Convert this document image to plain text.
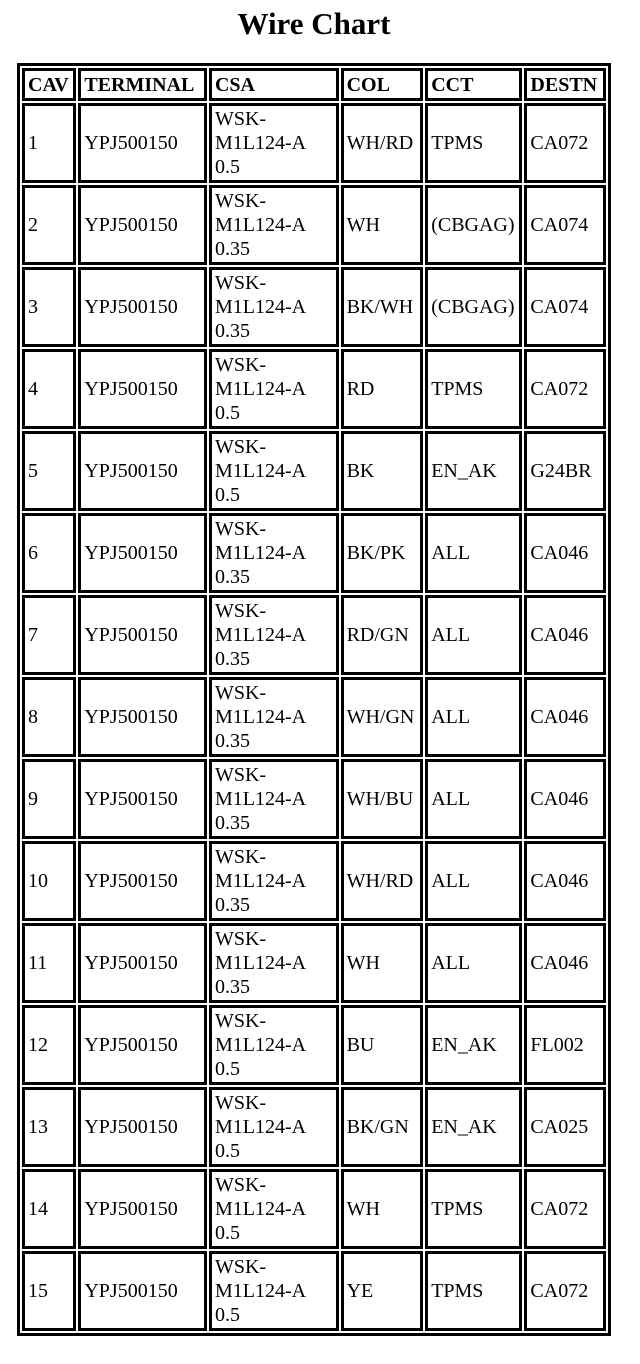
Wire Chart
CAV	TERMINAL	CSA	COL	CCT	DESTN
1	YPJ500150	WSK-
M1L124-A
0.5	WH/RD	TPMS	CA072
2	YPJ500150	WSK-
M1L124-A
0.35	WH	(CBGAG)	CA074
3	YPJ500150	WSK-
M1L124-A
0.35	BK/WH	(CBGAG)	CA074
4	YPJ500150	WSK-
M1L124-A
0.5	RD	TPMS	CA072
5	YPJ500150	WSK-
M1L124-A
0.5	BK	EN_AK	G24BR
6	YPJ500150	WSK-
M1L124-A
0.35	BK/PK	ALL	CA046
7	YPJ500150	WSK-
M1L124-A
0.35	RD/GN	ALL	CA046
8	YPJ500150	WSK-
M1L124-A
0.35	WH/GN	ALL	CA046
9	YPJ500150	WSK-
M1L124-A
0.35	WH/BU	ALL	CA046
10	YPJ500150	WSK-
M1L124-A
0.35	WH/RD	ALL	CA046
11	YPJ500150	WSK-
M1L124-A
0.35	WH	ALL	CA046
12	YPJ500150	WSK-
M1L124-A
0.5	BU	EN_AK	FL002
13	YPJ500150	WSK-
M1L124-A
0.5	BK/GN	EN_AK	CA025
14	YPJ500150	WSK-
M1L124-A
0.5	WH	TPMS	CA072
15	YPJ500150	WSK-
M1L124-A
0.5	YE	TPMS	CA072
